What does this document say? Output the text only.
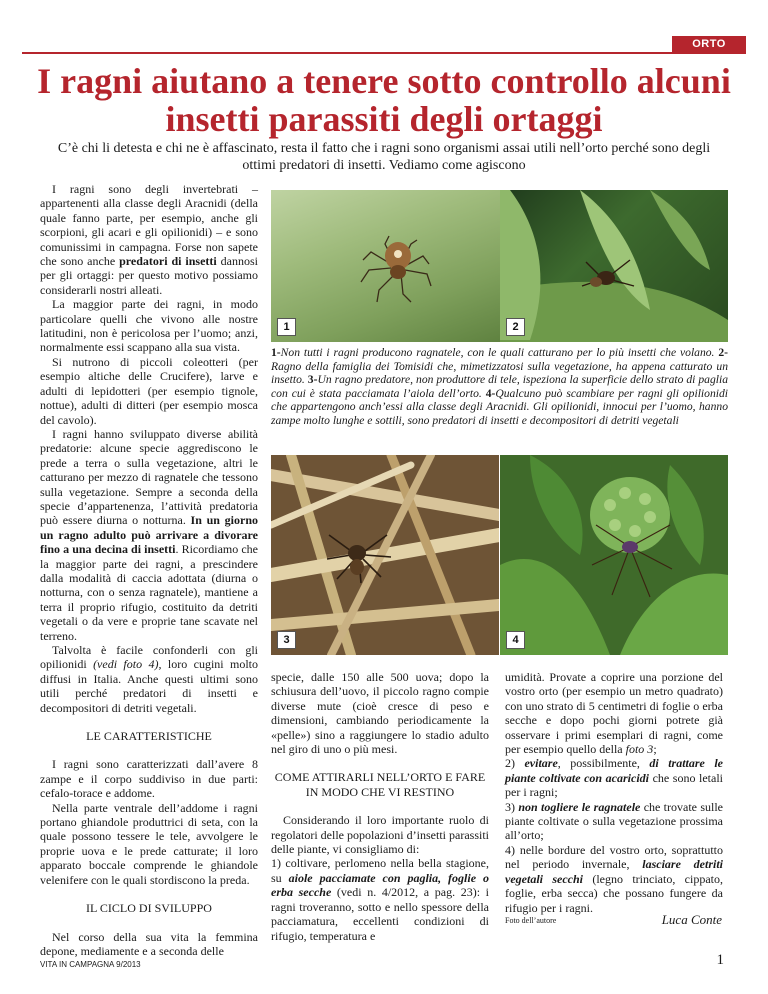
ORTO
I ragni aiutano a tenere sotto controllo alcuni insetti parassiti degli ortaggi
C’è chi li detesta e chi ne è affascinato, resta il fatto che i ragni sono organismi assai utili nell’orto perché sono degli ottimi predatori di insetti. Vediamo come agiscono

I ragni sono degli invertebrati – appartenenti alla classe degli Aracnidi (della quale fanno parte, per esempio, anche gli scorpioni, gli acari e gli opilionidi) – e sono comunissimi in campagna. Forse non sapete che sono anche predatori di insetti dannosi per gli ortaggi: per questo motivo possiamo considerarli nostri alleati.

La maggior parte dei ragni, in modo particolare quelli che vivono alle nostre latitudini, non è pericolosa per l’uomo; anzi, normalmente essi scappano alla sua vista.

Si nutrono di piccoli coleotteri (per esempio altiche delle Crucifere), larve e adulti di lepidotteri (per esempio tignole, nottue), adulti di ditteri (per esempio mosca del cavolo).

I ragni hanno sviluppato diverse abilità predatorie: alcune specie aggrediscono le prede a terra o sulla vegetazione, altri le catturano per mezzo di ragnatele che tessono sulla vegetazione. Sempre a seconda della specie d’appartenenza, l’attività predatoria può essere diurna o notturna. In un giorno un ragno adulto può arrivare a divorare fino a una decina di insetti. Ricordiamo che la maggior parte dei ragni, a prescindere dalla modalità di caccia adottata (diurna o notturna, con o senza ragnatele), mantiene a terra il proprio rifugio, costituito da detriti vegetali o da vere e proprie tane scavate nel terreno.

Talvolta è facile confonderli con gli opilionidi (vedi foto 4), loro cugini molto diffusi in Italia. Anche questi ultimi sono utili perché predatori di insetti e decompositori di detriti vegetali.

LE CARATTERISTICHE

I ragni sono caratterizzati dall’avere 8 zampe e il corpo suddiviso in due parti: cefalo-torace e addome.

Nella parte ventrale dell’addome i ragni portano ghiandole produttrici di seta, con la quale possono tessere le tele, avvolgere le proprie uova e le prede catturate; il loro apparato boccale comprende le ghiandole velenifere con le quali stordiscono la preda.

IL CICLO DI SVILUPPO

Nel corso della sua vita la femmina depone, mediamente e a seconda delle

1	2
1-Non tutti i ragni producono ragnatele, con le quali catturano per lo più insetti che volano. 2-Ragno della famiglia dei Tomisidi che, mimetizzatosi sulla vegetazione, ha appena catturato un insetto. 3-Un ragno predatore, non produttore di tele, ispeziona la superficie dello strato di paglia con cui è stata pacciamata l’aiola dell’orto. 4-Qualcuno può scambiare per ragni gli opilionidi che appartengono anch’essi alla classe degli Aracnidi. Gli opilionidi, innocui per l’uomo, hanno zampe molto lunghe e sottili, sono predatori di insetti e decompositori di detriti vegetali
3	4

specie, dalle 150 alle 500 uova; dopo la schiusura dell’uovo, il piccolo ragno compie diverse mute (cioè cresce di peso e dimensioni, cambiando periodicamente la «pelle») sino a raggiungere lo stadio adulto nel giro di uno o più mesi.

COME ATTIRARLI NELL’ORTO E FARE IN MODO CHE VI RESTINO

Considerando il loro importante ruolo di regolatori delle popolazioni d’insetti parassiti delle piante, vi consigliamo di:

1) coltivare, perlomeno nella bella stagione, su aiole pacciamate con paglia, foglie o erba secche (vedi n. 4/2012, a pag. 23): i ragni troveranno, sotto e nello spessore della pacciamatura, eccellenti condizioni di rifugio, temperatura e

umidità. Provate a coprire una porzione del vostro orto (per esempio un metro quadrato) con uno strato di 5 centimetri di foglie o erba secche e dopo pochi giorni potrete già osservare i primi esemplari di ragni, come per esempio quello della foto 3;

2) evitare, possibilmente, di trattare le piante coltivate con acaricidi che sono letali per i ragni;

3) non togliere le ragnatele che trovate sulle piante coltivate o sulla vegetazione prossima all’orto;

4) nelle bordure del vostro orto, soprattutto nel periodo invernale, lasciare detriti vegetali secchi (legno trinciato, cippato, foglie, erba secca) che possano fungere da rifugio per i ragni.

Foto dell’autore	Luca Conte
VITA IN CAMPAGNA 9/2013	1
